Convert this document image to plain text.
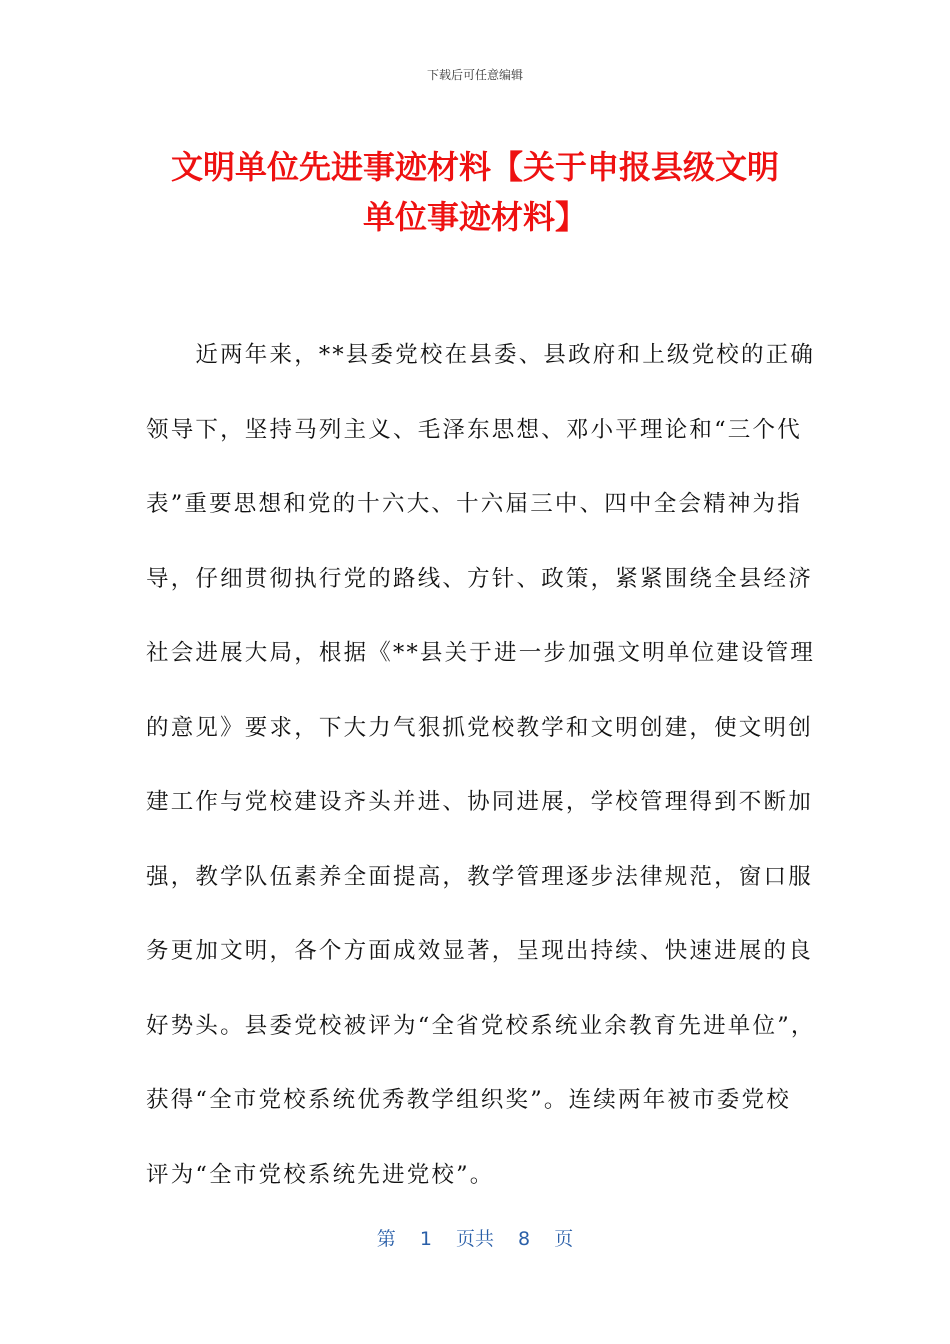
下载后可任意编辑
文明单位先进事迹材料【关于申报县级文明
单位事迹材料】
　　近两年来，**县委党校在县委、县政府和上级党校的正确
领导下，坚持马列主义、毛泽东思想、邓小平理论和“三个代
表”重要思想和党的十六大、十六届三中、四中全会精神为指
导，仔细贯彻执行党的路线、方针、政策，紧紧围绕全县经济
社会进展大局，根据《**县关于进一步加强文明单位建设管理
的意见》要求，下大力气狠抓党校教学和文明创建，使文明创
建工作与党校建设齐头并进、协同进展，学校管理得到不断加
强，教学队伍素养全面提高，教学管理逐步法律规范，窗口服
务更加文明，各个方面成效显著，呈现出持续、快速进展的良
好势头。县委党校被评为“全省党校系统业余教育先进单位”，
获得“全市党校系统优秀教学组织奖”。连续两年被市委党校
评为“全市党校系统先进党校”。
第 1 页共 8 页
